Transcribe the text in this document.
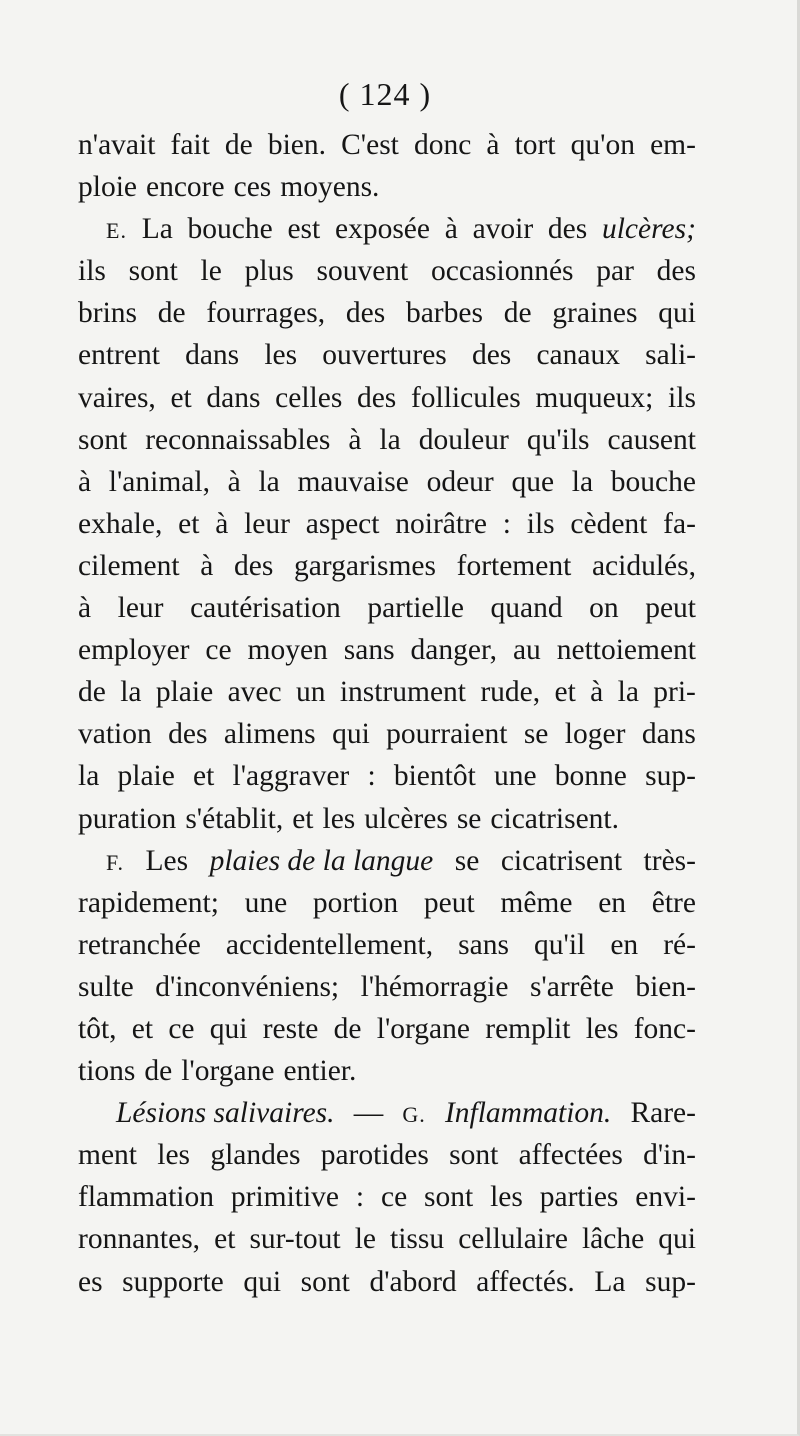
( 124 )
n'avait fait de bien. C'est donc à tort qu'on em-
ploie encore ces moyens.
E. La bouche est exposée à avoir des ulcères;
ils sont le plus souvent occasionnés par des
brins de fourrages, des barbes de graines qui
entrent dans les ouvertures des canaux sali-
vaires, et dans celles des follicules muqueux; ils
sont reconnaissables à la douleur qu'ils causent
à l'animal, à la mauvaise odeur que la bouche
exhale, et à leur aspect noirâtre : ils cèdent fa-
cilement à des gargarismes fortement acidulés,
à leur cautérisation partielle quand on peut
employer ce moyen sans danger, au nettoiement
de la plaie avec un instrument rude, et à la pri-
vation des alimens qui pourraient se loger dans
la plaie et l'aggraver : bientôt une bonne sup-
puration s'établit, et les ulcères se cicatrisent.
F. Les plaies de la langue se cicatrisent très-
rapidement; une portion peut même en être
retranchée accidentellement, sans qu'il en ré-
sulte d'inconvéniens; l'hémorragie s'arrête bien-
tôt, et ce qui reste de l'organe remplit les fonc-
tions de l'organe entier.
Lésions salivaires. — G. Inflammation. Rare-
ment les glandes parotides sont affectées d'in-
flammation primitive : ce sont les parties envi-
ronnantes, et sur-tout le tissu cellulaire lâche qui
es supporte qui sont d'abord affectés. La sup-
